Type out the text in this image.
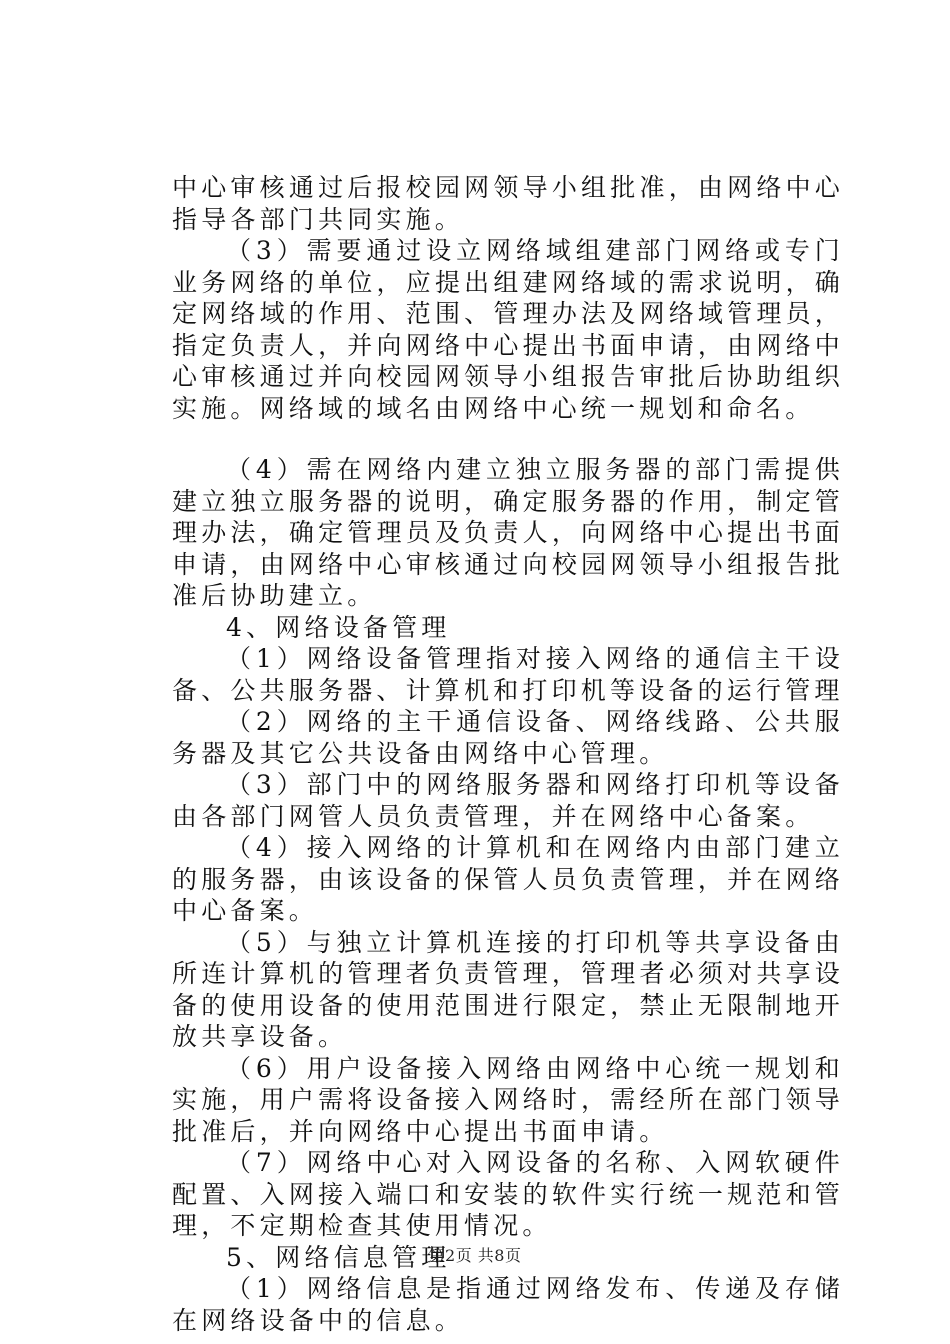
中心审核通过后报校园网领导小组批准，由网络中心指导各部门共同实施。

（3）需要通过设立网络域组建部门网络或专门业务网络的单位，应提出组建网络域的需求说明，确定网络域的作用、范围、管理办法及网络域管理员，指定负责人，并向网络中心提出书面申请，由网络中心审核通过并向校园网领导小组报告审批后协助组织实施。网络域的域名由网络中心统一规划和命名。

（4）需在网络内建立独立服务器的部门需提供建立独立服务器的说明，确定服务器的作用，制定管理办法，确定管理员及负责人，向网络中心提出书面申请，由网络中心审核通过向校园网领导小组报告批准后协助建立。

4、网络设备管理

（1）网络设备管理指对接入网络的通信主干设备、公共服务器、计算机和打印机等设备的运行管理

（2）网络的主干通信设备、网络线路、公共服务器及其它公共设备由网络中心管理。

（3）部门中的网络服务器和网络打印机等设备由各部门网管人员负责管理，并在网络中心备案。

（4）接入网络的计算机和在网络内由部门建立的服务器，由该设备的保管人员负责管理，并在网络中心备案。

（5）与独立计算机连接的打印机等共享设备由所连计算机的管理者负责管理，管理者必须对共享设备的使用设备的使用范围进行限定，禁止无限制地开放共享设备。

（6）用户设备接入网络由网络中心统一规划和实施，用户需将设备接入网络时，需经所在部门领导批准后，并向网络中心提出书面申请。

（7）网络中心对入网设备的名称、入网软硬件配置、入网接入端口和安装的软件实行统一规范和管理，不定期检查其使用情况。

5、网络信息管理

（1）网络信息是指通过网络发布、传递及存储在网络设备中的信息。

第2页 共8页
